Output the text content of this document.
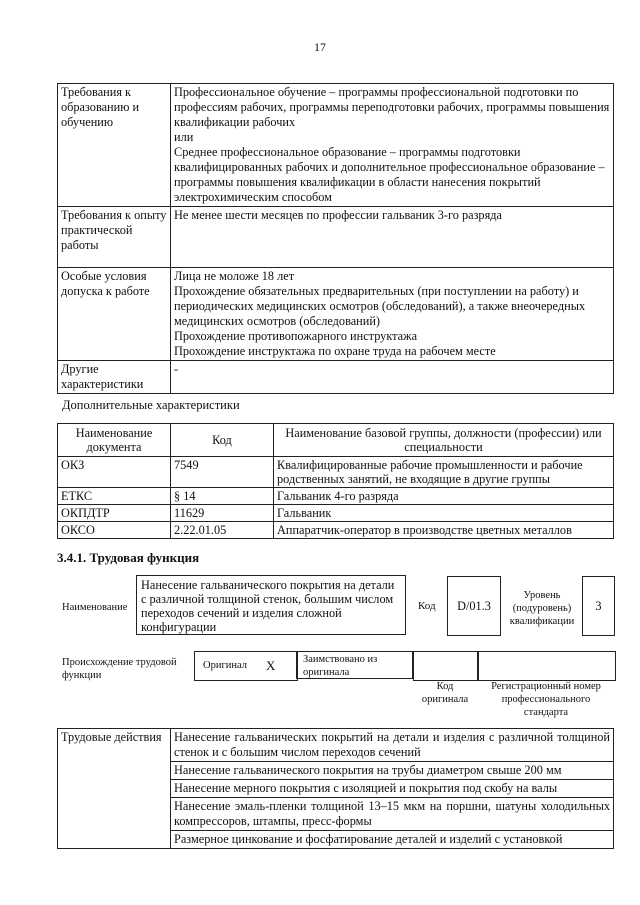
17
Требования к образованию и обучению	Профессиональное обучение – программы профессиональной подготовки по профессиям рабочих, программы переподготовки рабочих, программы повышения квалификации рабочих

или

Среднее профессиональное образование – программы подготовки квалифицированных рабочих и дополнительное профессиональное образование – программы повышения квалификации в области нанесения покрытий электрохимическим способом

Требования к опыту практической работы	Не менее шести месяцев по профессии гальваник 3-го разряда
Особые условия допуска к работе	Лица не моложе 18 лет

Прохождение обязательных предварительных (при поступлении на работу) и периодических медицинских осмотров (обследований), а также внеочередных медицинских осмотров (обследований)

Прохождение противопожарного инструктажа

Прохождение инструктажа по охране труда на рабочем месте

Другие характеристики	-
Дополнительные характеристики
Наименование документа	Код	Наименование базовой группы, должности (профессии) или специальности
ОКЗ	7549	Квалифицированные рабочие промышленности и рабочие родственных занятий, не входящие в другие группы
ЕТКС	§ 14	Гальваник 4-го разряда
ОКПДТР	11629	Гальваник
ОКСО	2.22.01.05	Аппаратчик-оператор в производстве цветных металлов
3.4.1. Трудовая функция
Наименование
Нанесение гальванического покрытия на детали с различной толщиной стенок, большим числом переходов сечений и изделия сложной конфигурации
Код	D/01.3
Уровень (подуровень) квалификации
3
Происхождение трудовой функции
Оригинал X	Заимствовано из оригинала
Код оригинала
Регистрационный номер профессионального стандарта
Трудовые действия	Нанесение гальванических покрытий на детали и изделия с различной толщиной стенок и с большим числом переходов сечений
Нанесение гальванического покрытия на трубы диаметром свыше 200 мм
Нанесение мерного покрытия с изоляцией и покрытия под скобу на валы
Нанесение эмаль-пленки толщиной 13–15 мкм на поршни, шатуны холодильных компрессоров, штампы, пресс-формы
Размерное цинкование и фосфатирование деталей и изделий с установкой
